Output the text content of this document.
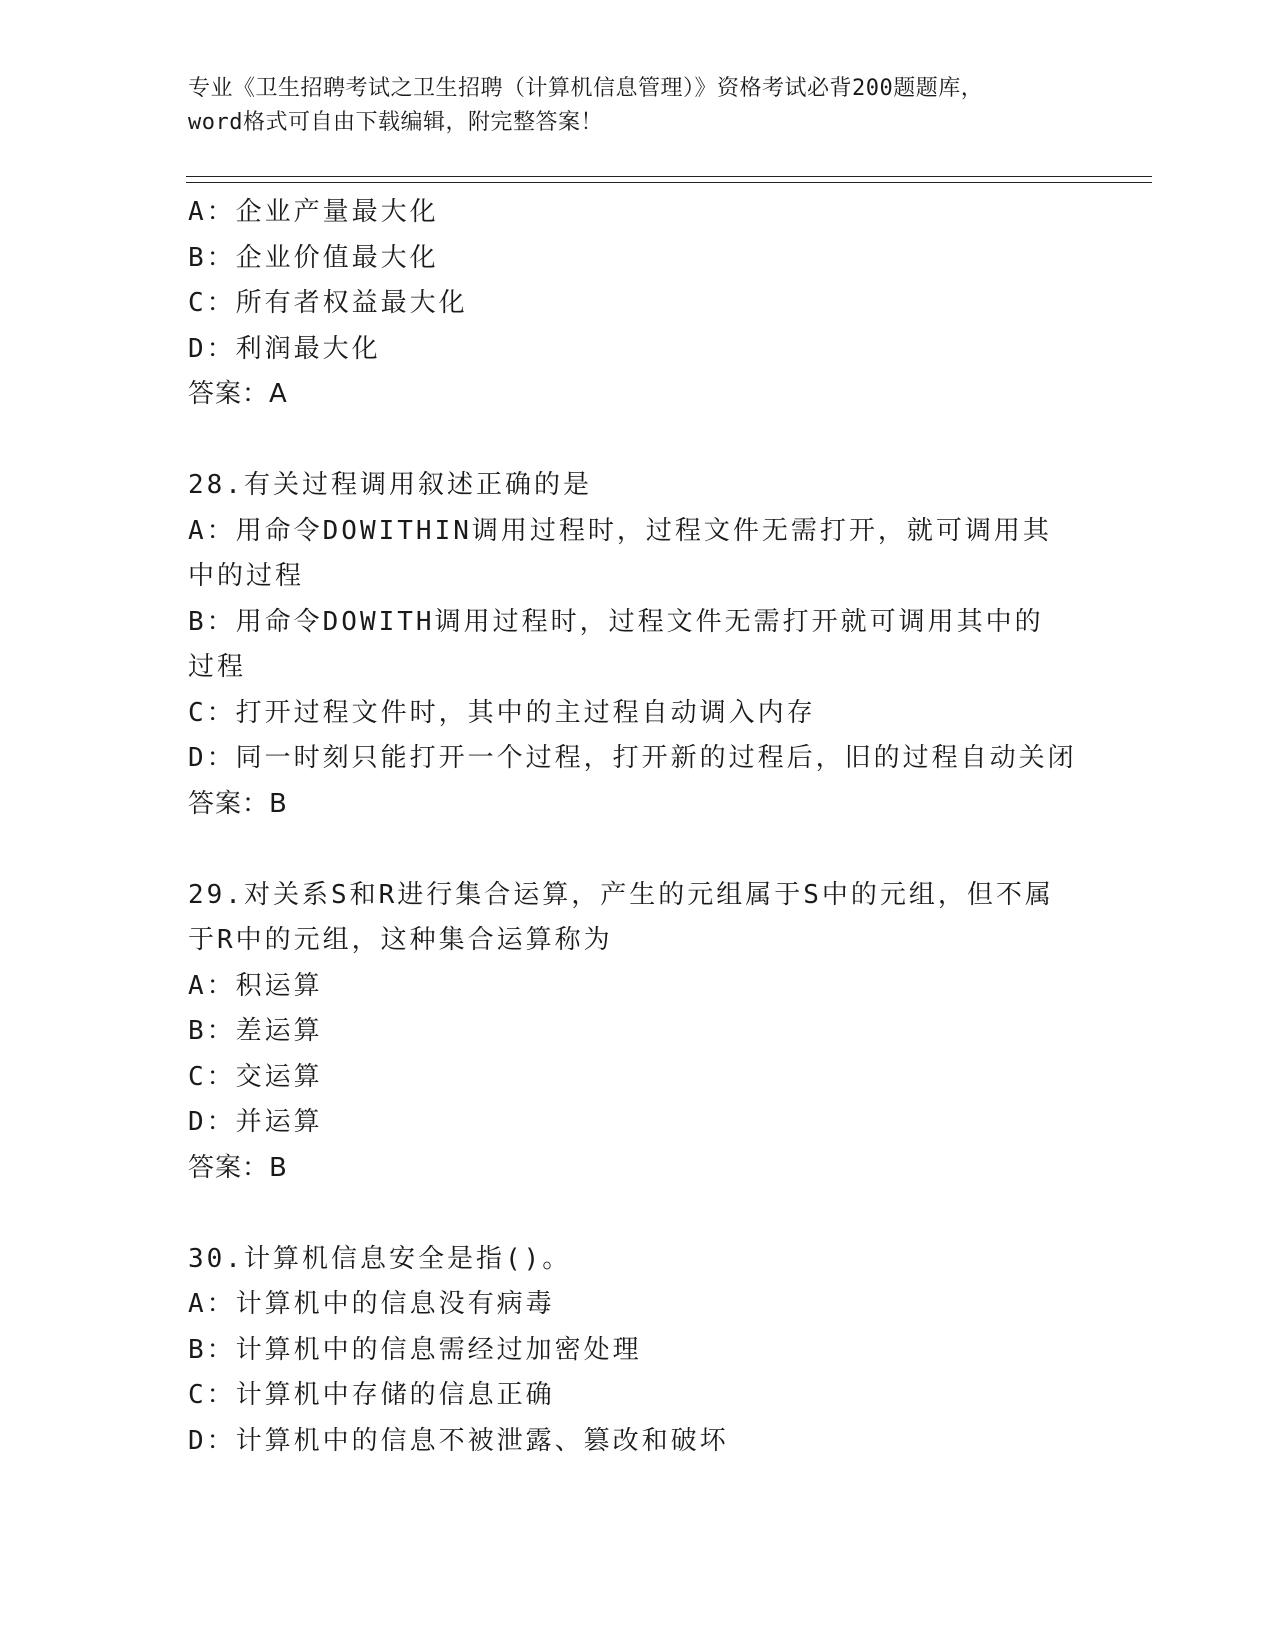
专业《卫生招聘考试之卫生招聘（计算机信息管理）》资格考试必背200题题库，
word格式可自由下载编辑，附完整答案！
A：企业产量最大化
B：企业价值最大化
C：所有者权益最大化
D：利润最大化
答案：A
28.有关过程调用叙述正确的是
A：用命令DOWITHIN调用过程时，过程文件无需打开，就可调用其中的过程
B：用命令DOWITH调用过程时，过程文件无需打开就可调用其中的过程
C：打开过程文件时，其中的主过程自动调入内存
D：同一时刻只能打开一个过程，打开新的过程后，旧的过程自动关闭
答案：B
29.对关系S和R进行集合运算，产生的元组属于S中的元组，但不属于R中的元组，这种集合运算称为
A：积运算
B：差运算
C：交运算
D：并运算
答案：B
30.计算机信息安全是指()。
A：计算机中的信息没有病毒
B：计算机中的信息需经过加密处理
C：计算机中存储的信息正确
D：计算机中的信息不被泄露、篡改和破坏
